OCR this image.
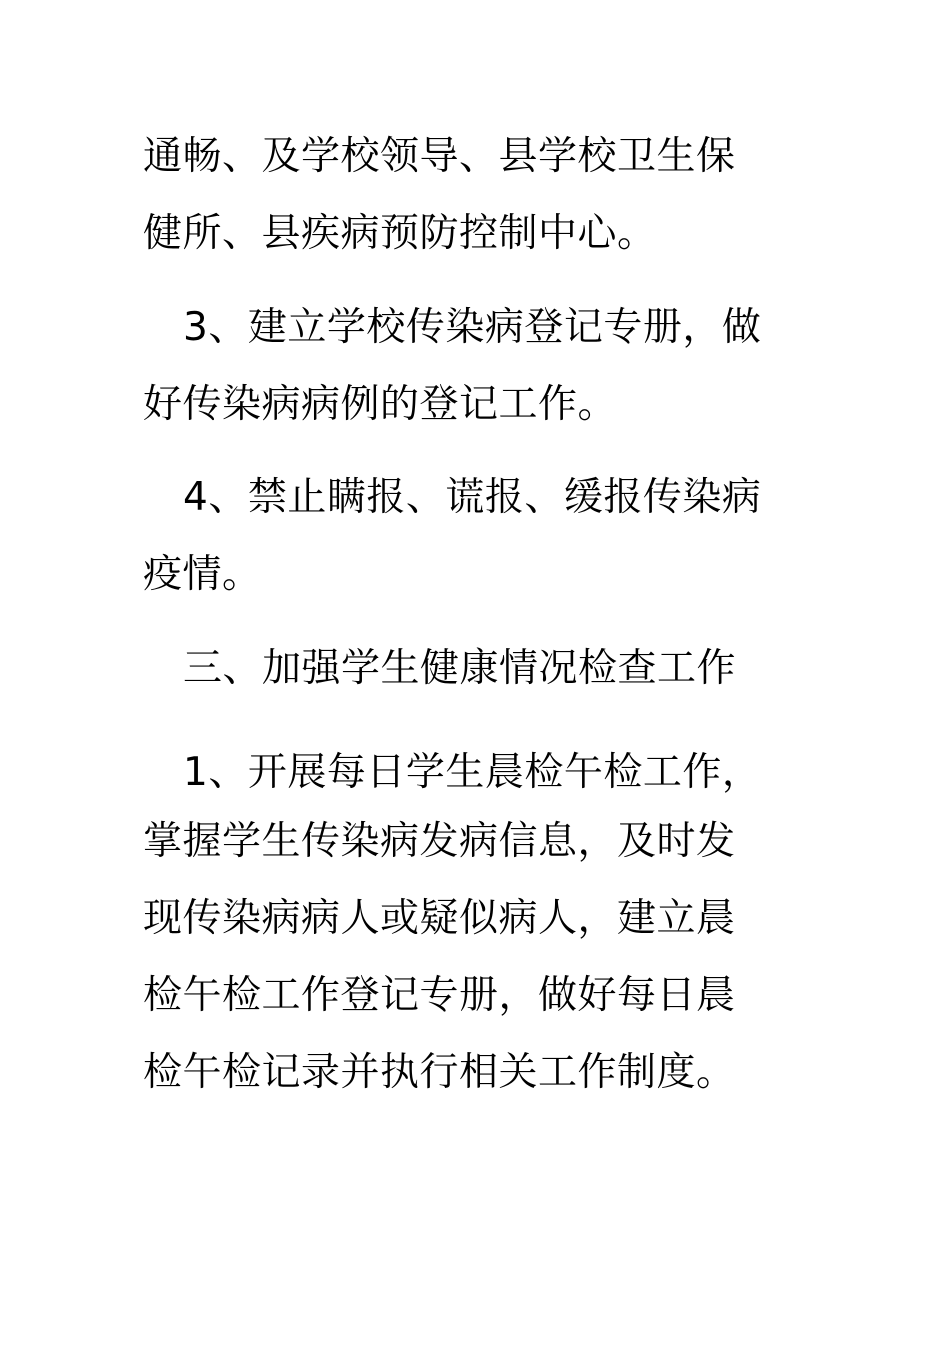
通畅、及学校领导、县学校卫生保
健所、县疾病预防控制中心。
3、建立学校传染病登记专册，做
好传染病病例的登记工作。
4、禁止瞒报、谎报、缓报传染病
疫情。
三、加强学生健康情况检查工作
1、开展每日学生晨检午检工作，
掌握学生传染病发病信息，及时发
现传染病病人或疑似病人，建立晨
检午检工作登记专册，做好每日晨
检午检记录并执行相关工作制度。
